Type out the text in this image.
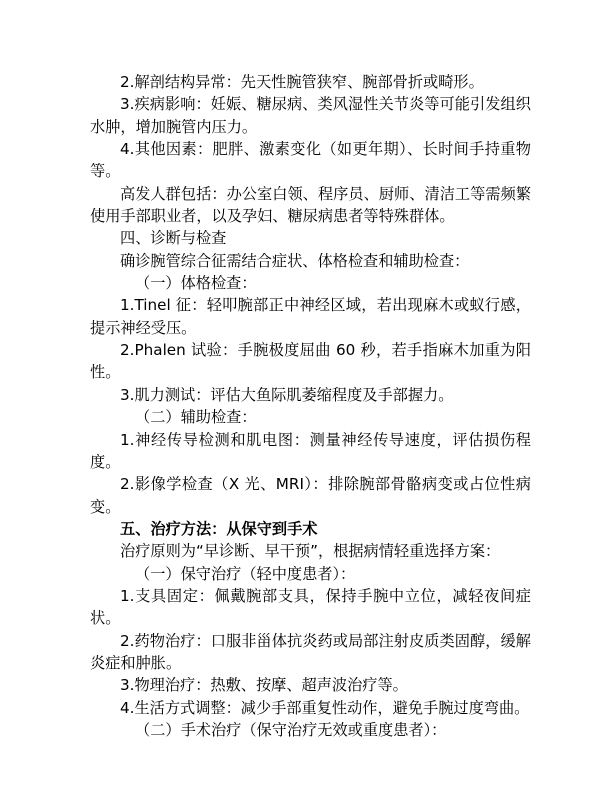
2.解剖结构异常：先天性腕管狭窄、腕部骨折或畸形。

3.疾病影响：妊娠、糖尿病、类风湿性关节炎等可能引发组织水肿，增加腕管内压力。

4.其他因素：肥胖、激素变化（如更年期）、长时间手持重物等。

高发人群包括：办公室白领、程序员、厨师、清洁工等需频繁使用手部职业者，以及孕妇、糖尿病患者等特殊群体。

四、诊断与检查

确诊腕管综合征需结合症状、体格检查和辅助检查：

（一）体格检查：

1.Tinel 征：轻叩腕部正中神经区域，若出现麻木或蚁行感，提示神经受压。

2.Phalen 试验：手腕极度屈曲 60 秒，若手指麻木加重为阳性。

3.肌力测试：评估大鱼际肌萎缩程度及手部握力。

（二）辅助检查：

1.神经传导检测和肌电图：测量神经传导速度，评估损伤程度。

2.影像学检查（X 光、MRI）：排除腕部骨骼病变或占位性病变。

五、治疗方法：从保守到手术

治疗原则为“早诊断、早干预”，根据病情轻重选择方案：

（一）保守治疗（轻中度患者）：

1.支具固定：佩戴腕部支具，保持手腕中立位，减轻夜间症状。

2.药物治疗：口服非甾体抗炎药或局部注射皮质类固醇，缓解炎症和肿胀。

3.物理治疗：热敷、按摩、超声波治疗等。

4.生活方式调整：减少手部重复性动作，避免手腕过度弯曲。

（二）手术治疗（保守治疗无效或重度患者）：
